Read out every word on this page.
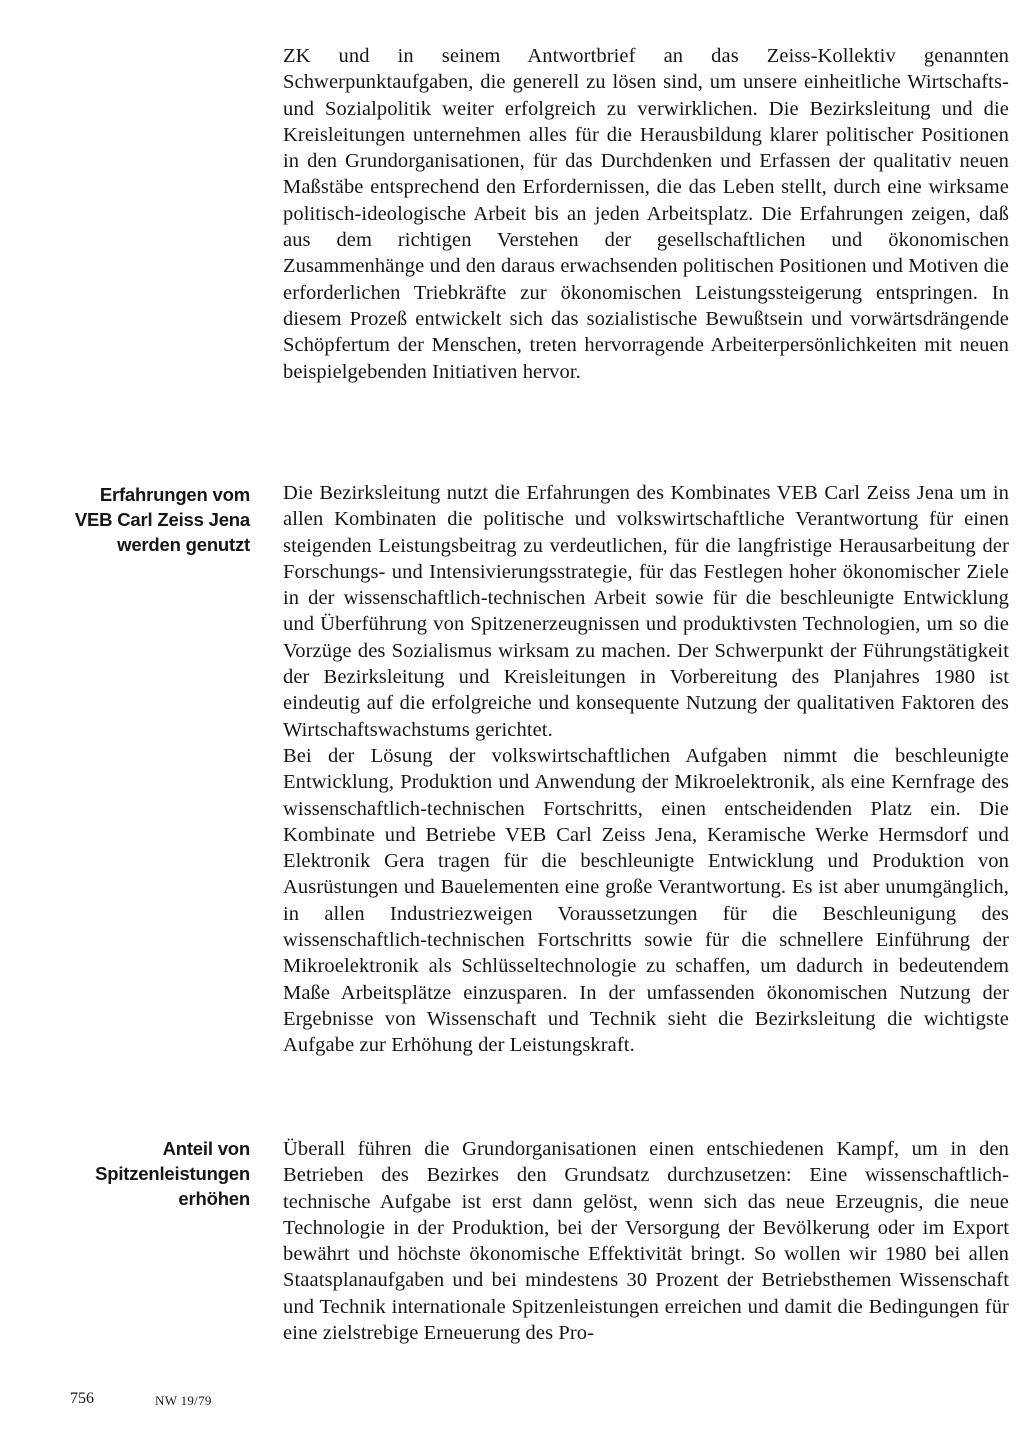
ZK und in seinem Antwortbrief an das Zeiss-Kollektiv genannten Schwerpunktaufgaben, die generell zu lösen sind, um unsere einheitliche Wirtschafts- und Sozialpolitik weiter erfolgreich zu verwirklichen. Die Bezirksleitung und die Kreisleitungen unternehmen alles für die Herausbildung klarer politischer Positionen in den Grundorganisationen, für das Durchdenken und Erfassen der qualitativ neuen Maßstäbe entsprechend den Erfordernissen, die das Leben stellt, durch eine wirksame politisch-ideologische Arbeit bis an jeden Arbeitsplatz. Die Erfahrungen zeigen, daß aus dem richtigen Verstehen der gesellschaftlichen und ökonomischen Zusammenhänge und den daraus erwachsenden politischen Positionen und Motiven die erforderlichen Triebkräfte zur ökonomischen Leistungssteigerung entspringen. In diesem Prozeß entwickelt sich das sozialistische Bewußtsein und vorwärtsdrängende Schöpfertum der Menschen, treten hervorragende Arbeiterpersönlichkeiten mit neuen beispielgebenden Initiativen hervor.

Erfahrungen vom
VEB Carl Zeiss Jena
werden genutzt

Die Bezirksleitung nutzt die Erfahrungen des Kombinates VEB Carl Zeiss Jena um in allen Kombinaten die politische und volkswirtschaftliche Verantwortung für einen steigenden Leistungsbeitrag zu verdeutlichen, für die langfristige Herausarbeitung der Forschungs- und Intensivierungsstrategie, für das Festlegen hoher ökonomischer Ziele in der wissenschaftlich-technischen Arbeit sowie für die beschleunigte Entwicklung und Überführung von Spitzenerzeugnissen und produktivsten Technologien, um so die Vorzüge des Sozialismus wirksam zu machen. Der Schwerpunkt der Führungstätigkeit der Bezirksleitung und Kreisleitungen in Vorbereitung des Planjahres 1980 ist eindeutig auf die erfolgreiche und konsequente Nutzung der qualitativen Faktoren des Wirtschaftswachstums gerichtet.

Bei der Lösung der volkswirtschaftlichen Aufgaben nimmt die beschleunigte Entwicklung, Produktion und Anwendung der Mikroelektronik, als eine Kernfrage des wissenschaftlich-technischen Fortschritts, einen entscheidenden Platz ein. Die Kombinate und Betriebe VEB Carl Zeiss Jena, Keramische Werke Hermsdorf und Elektronik Gera tragen für die beschleunigte Entwicklung und Produktion von Ausrüstungen und Bauelementen eine große Verantwortung. Es ist aber unumgänglich, in allen Industriezweigen Voraussetzungen für die Beschleunigung des wissenschaftlich-technischen Fortschritts sowie für die schnellere Einführung der Mikroelektronik als Schlüsseltechnologie zu schaffen, um dadurch in bedeutendem Maße Arbeitsplätze einzusparen. In der umfassenden ökonomischen Nutzung der Ergebnisse von Wissenschaft und Technik sieht die Bezirksleitung die wichtigste Aufgabe zur Erhöhung der Leistungskraft.

Anteil von
Spitzenleistungen
erhöhen

Überall führen die Grundorganisationen einen entschiedenen Kampf, um in den Betrieben des Bezirkes den Grundsatz durchzusetzen: Eine wissenschaftlich-technische Aufgabe ist erst dann gelöst, wenn sich das neue Erzeugnis, die neue Technologie in der Produktion, bei der Versorgung der Bevölkerung oder im Export bewährt und höchste ökonomische Effektivität bringt. So wollen wir 1980 bei allen Staatsplanaufgaben und bei mindestens 30 Prozent der Betriebsthemen Wissenschaft und Technik internationale Spitzenleistungen erreichen und damit die Bedingungen für eine zielstrebige Erneuerung des Pro-

756	NW 19/79
